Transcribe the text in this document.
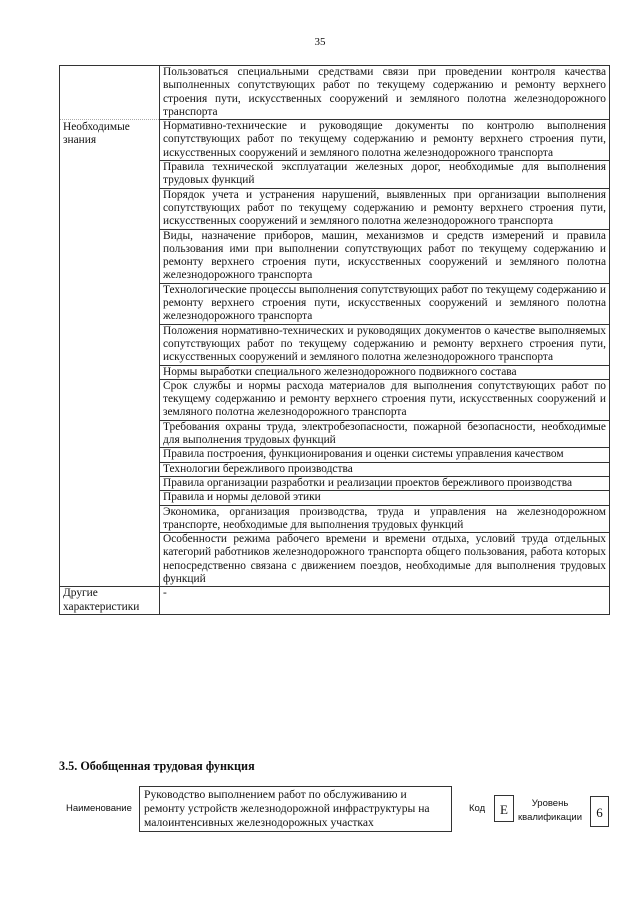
35
	Пользоваться специальными средствами связи при проведении контроля качества выполненных сопутствующих работ по текущему содержанию и ремонту верхнего строения пути, искусственных сооружений и земляного полотна железнодорожного транспорта
Необходимые знания	Нормативно-технические и руководящие документы по контролю выполнения сопутствующих работ по текущему содержанию и ремонту верхнего строения пути, искусственных сооружений и земляного полотна железнодорожного транспорта
	Правила технической эксплуатации железных дорог, необходимые для выполнения трудовых функций
	Порядок учета и устранения нарушений, выявленных при организации выполнения сопутствующих работ по текущему содержанию и ремонту верхнего строения пути, искусственных сооружений и земляного полотна железнодорожного транспорта
	Виды, назначение приборов, машин, механизмов и средств измерений и правила пользования ими при выполнении сопутствующих работ по текущему содержанию и ремонту верхнего строения пути, искусственных сооружений и земляного полотна железнодорожного транспорта
	Технологические процессы выполнения сопутствующих работ по текущему содержанию и ремонту верхнего строения пути, искусственных сооружений и земляного полотна железнодорожного транспорта
	Положения нормативно-технических и руководящих документов о качестве выполняемых сопутствующих работ по текущему содержанию и ремонту верхнего строения пути, искусственных сооружений и земляного полотна железнодорожного транспорта
	Нормы выработки специального железнодорожного подвижного состава
	Срок службы и нормы расхода материалов для выполнения сопутствующих работ по текущему содержанию и ремонту верхнего строения пути, искусственных сооружений и земляного полотна железнодорожного транспорта
	Требования охраны труда, электробезопасности, пожарной безопасности, необходимые для выполнения трудовых функций
	Правила построения, функционирования и оценки системы управления качеством
	Технологии бережливого производства
	Правила организации разработки и реализации проектов бережливого производства
	Правила и нормы деловой этики
	Экономика, организация производства, труда и управления на железнодорожном транспорте, необходимые для выполнения трудовых функций
	Особенности режима рабочего времени и времени отдыха, условий труда отдельных категорий работников железнодорожного транспорта общего пользования, работа которых непосредственно связана с движением поездов, необходимые для выполнения трудовых функций
Другие характеристики	-
3.5. Обобщенная трудовая функция
Наименование
Руководство выполнением работ по обслуживанию и ремонту устройств железнодорожной инфраструктуры на малоинтенсивных железнодорожных участках
Код	E	Уровень квалификации	6
